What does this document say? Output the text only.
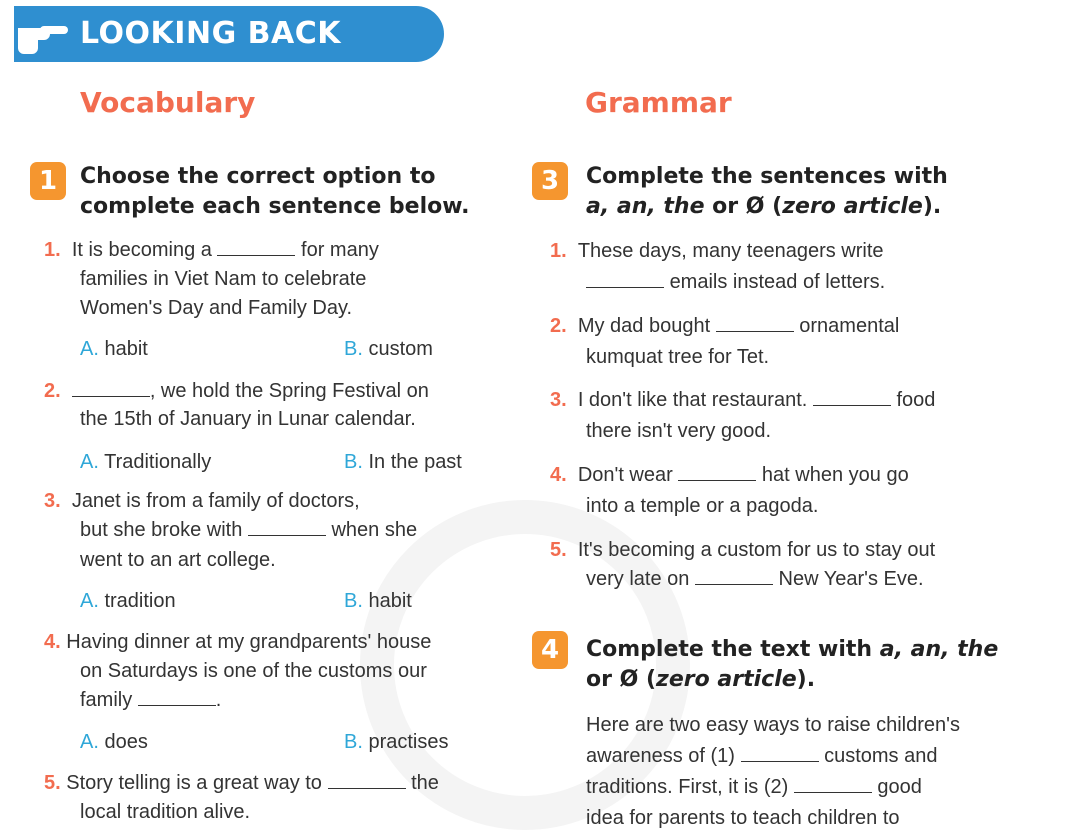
LOOKING BACK
Vocabulary
1	Choose the correct option to
complete each sentence below.
1. It is becoming a	for many
families in Viet Nam to celebrate
Women's Day and Family Day.
A. habit	B. custom
2.	, we hold the Spring Festival on
the 15th of January in Lunar calendar.
A. Traditionally	B. In the past
3. Janet is from a family of doctors,
but she broke with	when she
went to an art college.
A. tradition	B. habit
4. Having dinner at my grandparents' house
on Saturdays is one of the customs our
family	.
A. does	B. practises
5. Story telling is a great way to	the
local tradition alive.
Grammar
3	Complete the sentences with
a, an, the or Ø (zero article).
1. These days, many teenagers write
emails instead of letters.
2. My dad bought	ornamental
kumquat tree for Tet.
3. I don't like that restaurant.	food
there isn't very good.
4. Don't wear	hat when you go
into a temple or a pagoda.
5. It's becoming a custom for us to stay out
very late on	New Year's Eve.
4	Complete the text with a, an, the
or Ø (zero article).
Here are two easy ways to raise children's
awareness of (1)	customs and
traditions. First, it is (2)	good
idea for parents to teach children to
